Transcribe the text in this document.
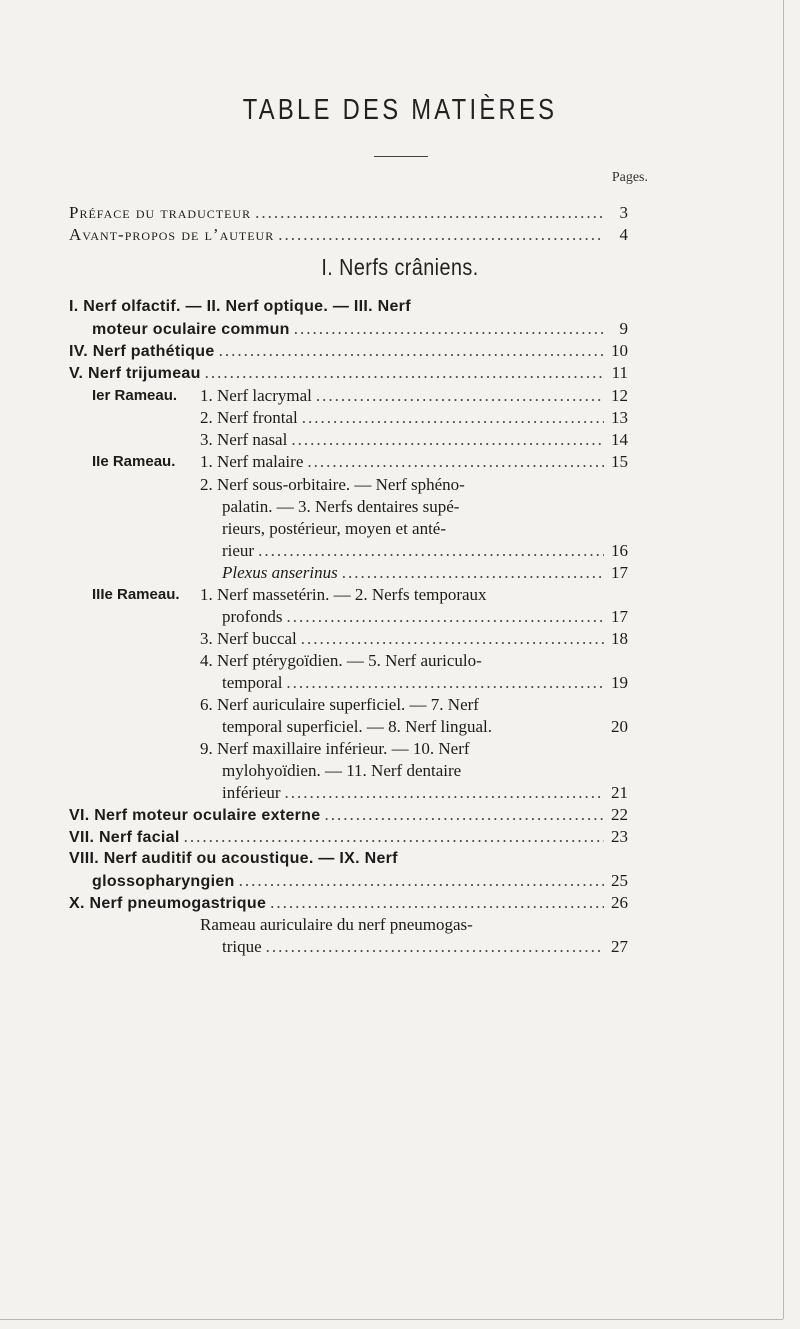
TABLE DES MATIÈRES
Pages.
Préface du traducteur .....	3
Avant-propos de l’auteur .....	4
I. Nerfs crâniens.
I. Nerf olfactif. — II. Nerf optique. — III. Nerf
moteur oculaire commun .....	9
IV. Nerf pathétique .....	10
V. Nerf trijumeau .....	11
Ier Rameau. 1. Nerf lacrymal .....	12
2. Nerf frontal .....	13
3. Nerf nasal .....	14
IIe Rameau. 1. Nerf malaire .....	15
2. Nerf sous-orbitaire. — Nerf sphéno-
palatin. — 3. Nerfs dentaires supé-
rieurs, postérieur, moyen et anté-
rieur .....	16
Plexus anserinus .....	17
IIIe Rameau. 1. Nerf massetérin. — 2. Nerfs temporaux
profonds .....	17
3. Nerf buccal .....	18
4. Nerf ptérygoïdien. — 5. Nerf auriculo-
temporal .....	19
6. Nerf auriculaire superficiel. — 7. Nerf
temporal superficiel. — 8. Nerf lingual.	20
9. Nerf maxillaire inférieur. — 10. Nerf
mylohyoïdien. — 11. Nerf dentaire
inférieur .....	21
VI. Nerf moteur oculaire externe .....	22
VII. Nerf facial .....	23
VIII. Nerf auditif ou acoustique. — IX. Nerf
glossopharyngien .....	25
X. Nerf pneumogastrique .....	26
Rameau auriculaire du nerf pneumogas-
trique .....	27
